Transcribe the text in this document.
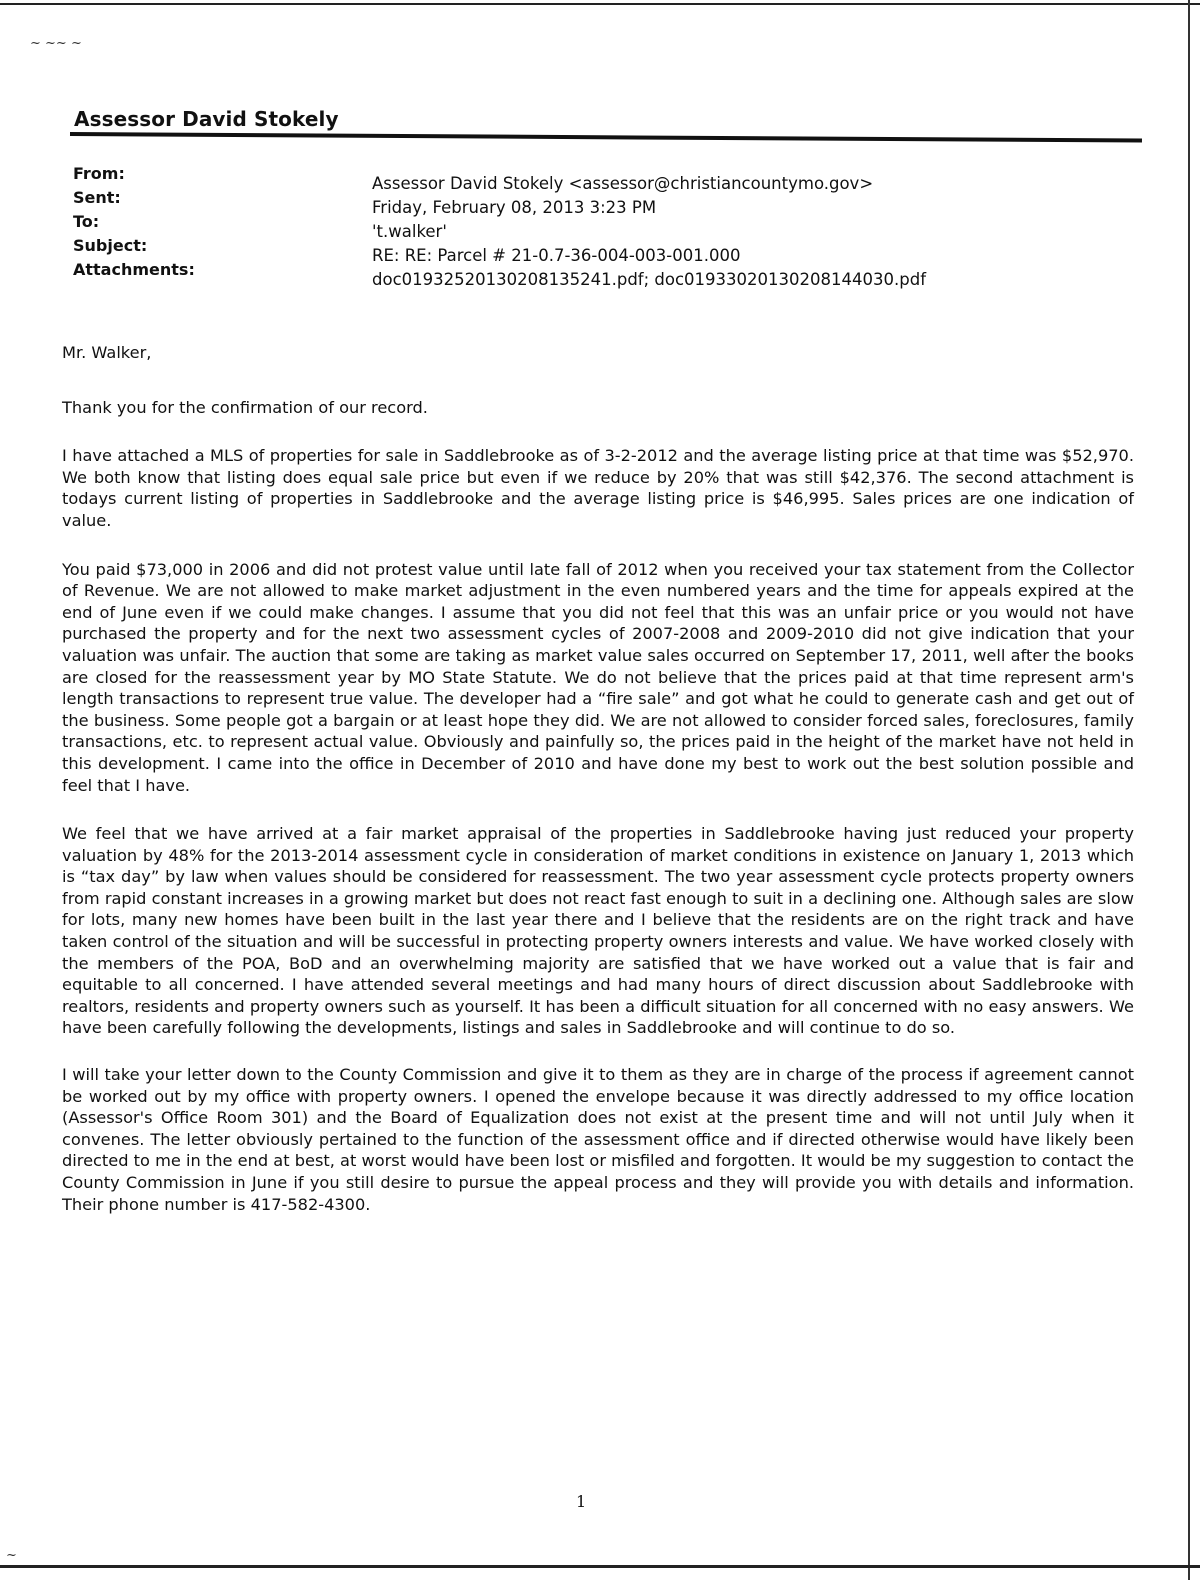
~ ~~ ~
~
Assessor David Stokely
From:
Sent:
To:
Subject:
Attachments:
Assessor David Stokely <assessor@christiancountymo.gov>
Friday, February 08, 2013 3:23 PM
't.walker'
RE: RE: Parcel # 21-0.7-36-004-003-001.000
doc01932520130208135241.pdf; doc01933020130208144030.pdf

Mr. Walker,

Thank you for the confirmation of our record.

I have attached a MLS of properties for sale in Saddlebrooke as of 3-2-2012 and the average listing price at that time was $52,970. We both know that listing does equal sale price but even if we reduce by 20% that was still $42,376. The second attachment is todays current listing of properties in Saddlebrooke and the average listing price is $46,995. Sales prices are one indication of value.

You paid $73,000 in 2006 and did not protest value until late fall of 2012 when you received your tax statement from the Collector of Revenue. We are not allowed to make market adjustment in the even numbered years and the time for appeals expired at the end of June even if we could make changes. I assume that you did not feel that this was an unfair price or you would not have purchased the property and for the next two assessment cycles of 2007-2008 and 2009-2010 did not give indication that your valuation was unfair. The auction that some are taking as market value sales occurred on September 17, 2011, well after the books are closed for the reassessment year by MO State Statute. We do not believe that the prices paid at that time represent arm's length transactions to represent true value. The developer had a “fire sale” and got what he could to generate cash and get out of the business. Some people got a bargain or at least hope they did. We are not allowed to consider forced sales, foreclosures, family transactions, etc. to represent actual value. Obviously and painfully so, the prices paid in the height of the market have not held in this development. I came into the office in December of 2010 and have done my best to work out the best solution possible and feel that I have.

We feel that we have arrived at a fair market appraisal of the properties in Saddlebrooke having just reduced your property valuation by 48% for the 2013-2014 assessment cycle in consideration of market conditions in existence on January 1, 2013 which is “tax day” by law when values should be considered for reassessment. The two year assessment cycle protects property owners from rapid constant increases in a growing market but does not react fast enough to suit in a declining one. Although sales are slow for lots, many new homes have been built in the last year there and I believe that the residents are on the right track and have taken control of the situation and will be successful in protecting property owners interests and value. We have worked closely with the members of the POA, BoD and an overwhelming majority are satisfied that we have worked out a value that is fair and equitable to all concerned. I have attended several meetings and had many hours of direct discussion about Saddlebrooke with realtors, residents and property owners such as yourself. It has been a difficult situation for all concerned with no easy answers. We have been carefully following the developments, listings and sales in Saddlebrooke and will continue to do so.

I will take your letter down to the County Commission and give it to them as they are in charge of the process if agreement cannot be worked out by my office with property owners. I opened the envelope because it was directly addressed to my office location (Assessor's Office Room 301) and the Board of Equalization does not exist at the present time and will not until July when it convenes. The letter obviously pertained to the function of the assessment office and if directed otherwise would have likely been directed to me in the end at best, at worst would have been lost or misfiled and forgotten. It would be my suggestion to contact the County Commission in June if you still desire to pursue the appeal process and they will provide you with details and information. Their phone number is 417-582-4300.

1
